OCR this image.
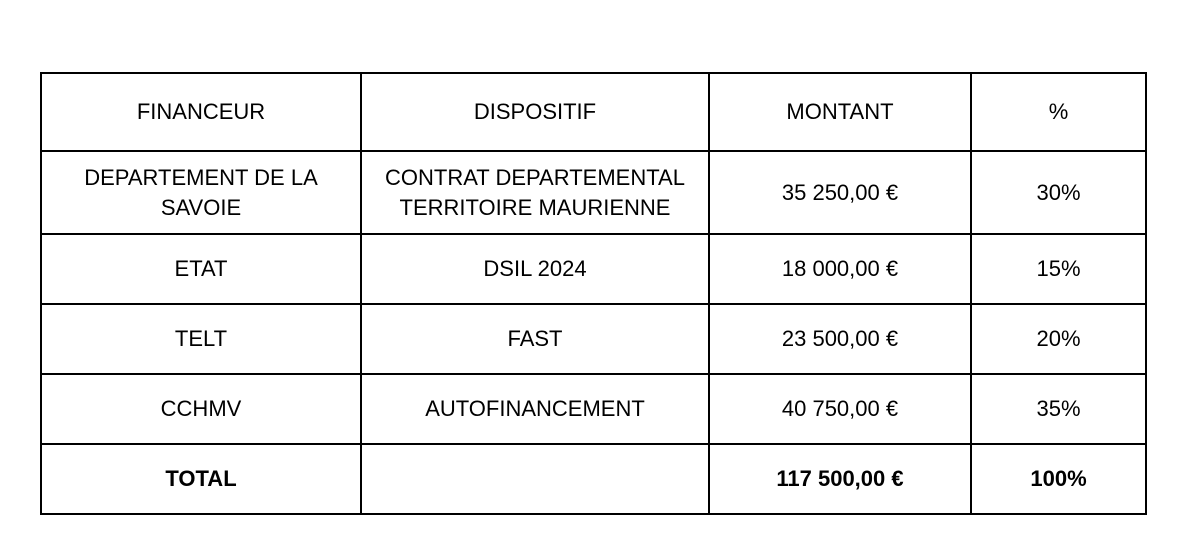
FINANCEUR	DISPOSITIF	MONTANT	%
DEPARTEMENT DE LA SAVOIE	CONTRAT DEPARTEMENTAL TERRITOIRE MAURIENNE	35 250,00 €	30%
ETAT	DSIL 2024	18 000,00 €	15%
TELT	FAST	23 500,00 €	20%
CCHMV	AUTOFINANCEMENT	40 750,00 €	35%
TOTAL		117 500,00 €	100%
